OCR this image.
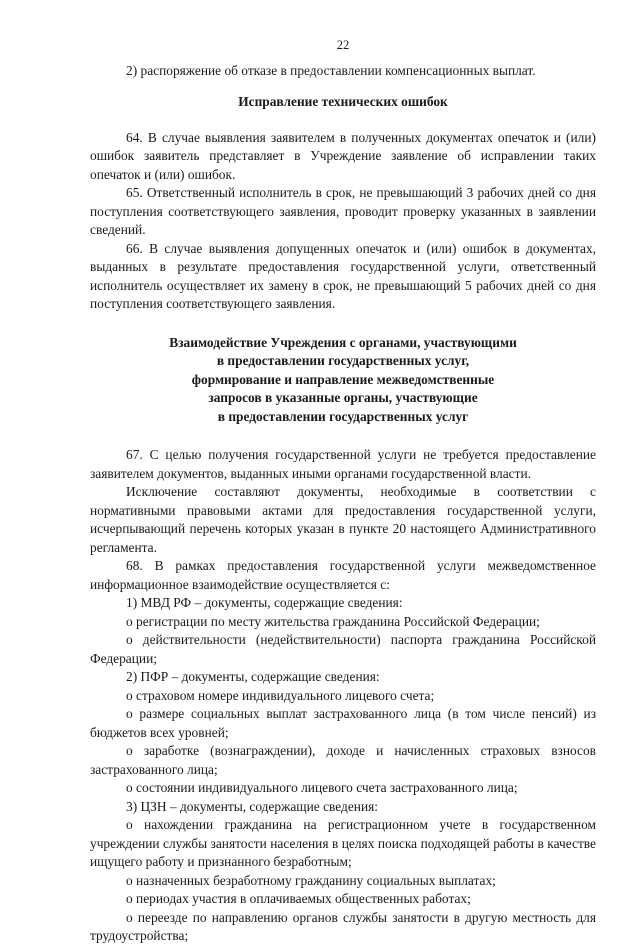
22

2) распоряжение об отказе в предоставлении компенсационных выплат.

Исправление технических ошибок

64. В случае выявления заявителем в полученных документах опечаток и (или) ошибок заявитель представляет в Учреждение заявление об исправлении таких опечаток и (или) ошибок.

65. Ответственный исполнитель в срок, не превышающий 3 рабочих дней со дня поступления соответствующего заявления, проводит проверку указанных в заявлении сведений.

66. В случае выявления допущенных опечаток и (или) ошибок в документах, выданных в результате предоставления государственной услуги, ответственный исполнитель осуществляет их замену в срок, не превышающий 5 рабочих дней со дня поступления соответствующего заявления.

Взаимодействие Учреждения с органами, участвующими

в предоставлении государственных услуг,

формирование и направление межведомственные

запросов в указанные органы, участвующие

в предоставлении государственных услуг

67. С целью получения государственной услуги не требуется предоставление заявителем документов, выданных иными органами государственной власти.

Исключение составляют документы, необходимые в соответствии с нормативными правовыми актами для предоставления государственной услуги, исчерпывающий перечень которых указан в пункте 20 настоящего Административного регламента.

68. В рамках предоставления государственной услуги межведомственное информационное взаимодействие осуществляется с:

1) МВД РФ – документы, содержащие сведения:

о регистрации по месту жительства гражданина Российской Федерации;

о действительности (недействительности) паспорта гражданина Российской Федерации;

2) ПФР – документы, содержащие сведения:

о страховом номере индивидуального лицевого счета;

о размере социальных выплат застрахованного лица (в том числе пенсий) из бюджетов всех уровней;

о заработке (вознаграждении), доходе и начисленных страховых взносов застрахованного лица;

о состоянии индивидуального лицевого счета застрахованного лица;

3) ЦЗН – документы, содержащие сведения:

о нахождении гражданина на регистрационном учете в государственном учреждении службы занятости населения в целях поиска подходящей работы в качестве ищущего работу и признанного безработным;

о назначенных безработному гражданину социальных выплатах;

о периодах участия в оплачиваемых общественных работах;

о переезде по направлению органов службы занятости в другую местность для трудоустройства;
